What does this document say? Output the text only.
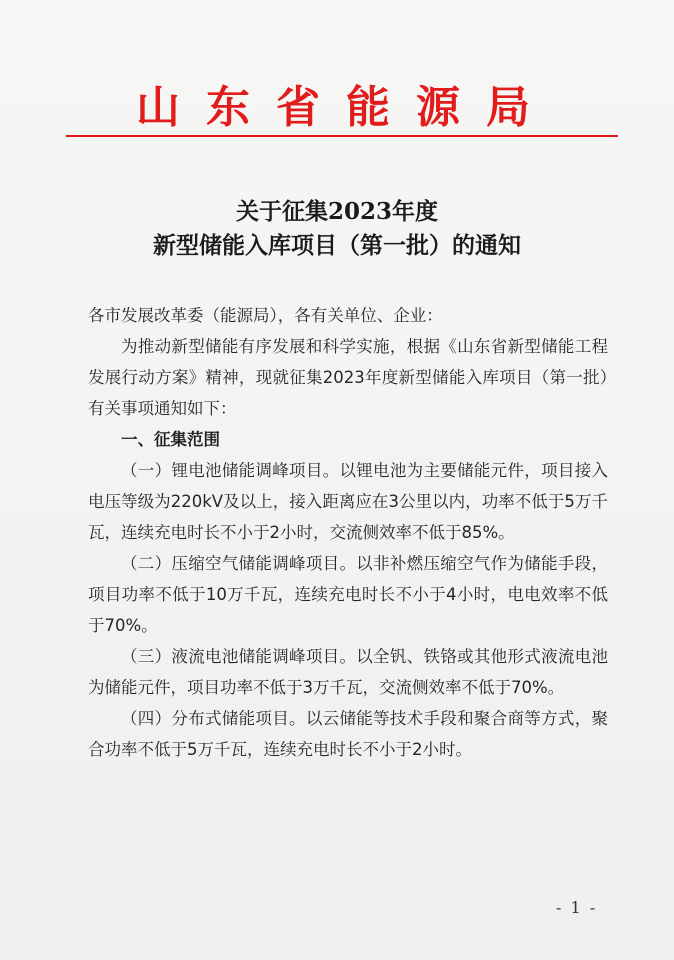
山东省能源局
关于征集2023年度
新型储能入库项目（第一批）的通知

各市发展改革委（能源局），各有关单位、企业：

为推动新型储能有序发展和科学实施，根据《山东省新型储能工程发展行动方案》精神，现就征集2023年度新型储能入库项目（第一批）有关事项通知如下：

一、征集范围

（一）锂电池储能调峰项目。以锂电池为主要储能元件，项目接入电压等级为220kV及以上，接入距离应在3公里以内，功率不低于5万千瓦，连续充电时长不小于2小时，交流侧效率不低于85%。

（二）压缩空气储能调峰项目。以非补燃压缩空气作为储能手段，项目功率不低于10万千瓦，连续充电时长不小于4小时，电电效率不低于70%。

（三）液流电池储能调峰项目。以全钒、铁铬或其他形式液流电池为储能元件，项目功率不低于3万千瓦，交流侧效率不低于70%。

（四）分布式储能项目。以云储能等技术手段和聚合商等方式，聚合功率不低于5万千瓦，连续充电时长不小于2小时。

- 1 -
